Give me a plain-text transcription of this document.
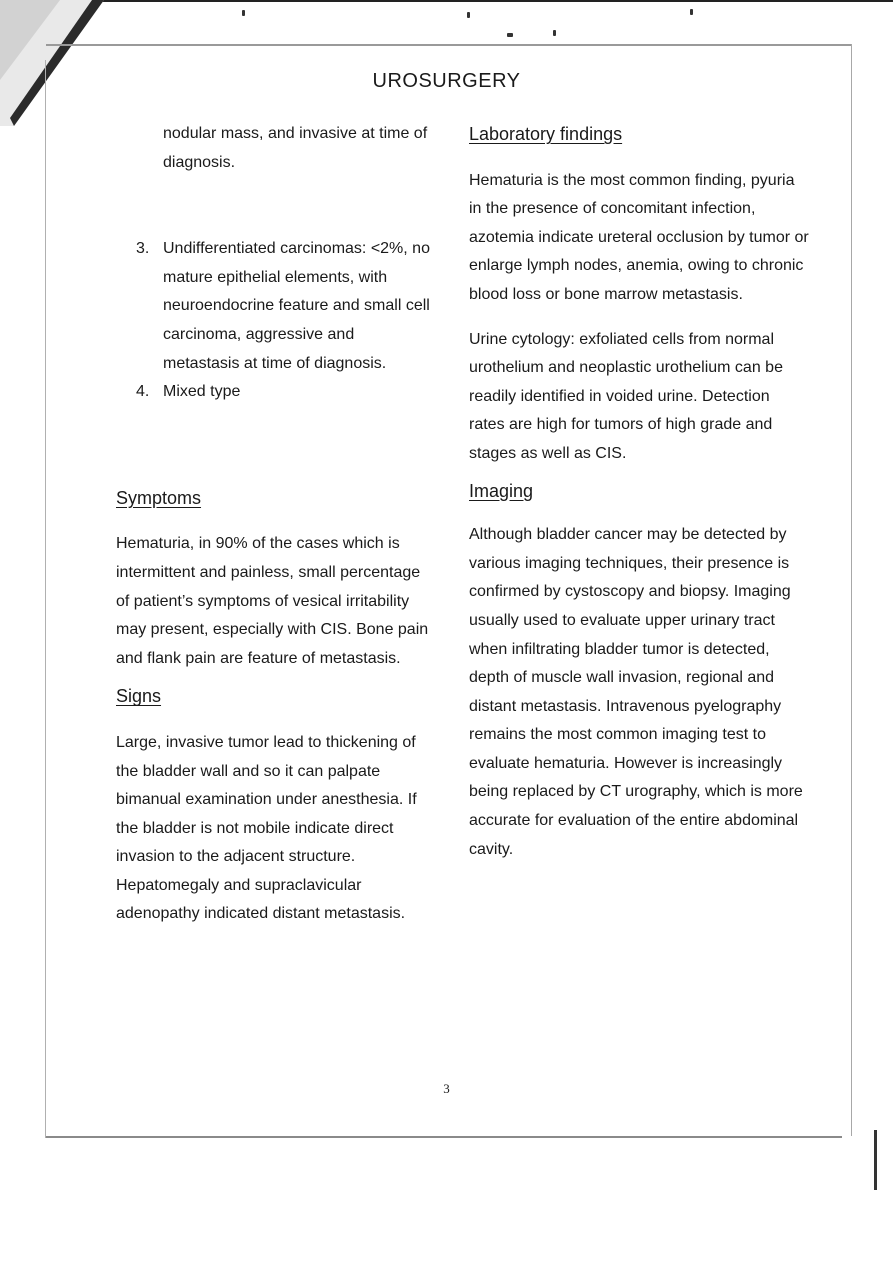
UROSURGERY

nodular mass, and invasive at time of diagnosis.

3. Undifferentiated carcinomas: <2%, no mature epithelial elements, with neuroendocrine feature and small cell carcinoma, aggressive and metastasis at time of diagnosis.
4. Mixed type
Symptoms

Hematuria, in 90% of the cases which is intermittent and painless, small percentage of patient’s symptoms of vesical irritability may present, especially with CIS. Bone pain and flank pain are feature of metastasis.

Signs

Large, invasive tumor lead to thickening of the bladder wall and so it can palpate bimanual examination under anesthesia. If the bladder is not mobile indicate direct invasion to the adjacent structure. Hepatomegaly and supraclavicular adenopathy indicated distant metastasis.

Laboratory findings

Hematuria is the most common finding, pyuria in the presence of concomitant infection, azotemia indicate ureteral occlusion by tumor or enlarge lymph nodes, anemia, owing to chronic blood loss or bone marrow metastasis.

Urine cytology: exfoliated cells from normal urothelium and neoplastic urothelium can be readily identified in voided urine. Detection rates are high for tumors of high grade and stages as well as CIS.

Imaging

Although bladder cancer may be detected by various imaging techniques, their presence is confirmed by cystoscopy and biopsy. Imaging usually used to evaluate upper urinary tract when infiltrating bladder tumor is detected, depth of muscle wall invasion, regional and distant metastasis. Intravenous pyelography remains the most common imaging test to evaluate hematuria. However is increasingly being replaced by CT urography, which is more accurate for evaluation of the entire abdominal cavity.

3
